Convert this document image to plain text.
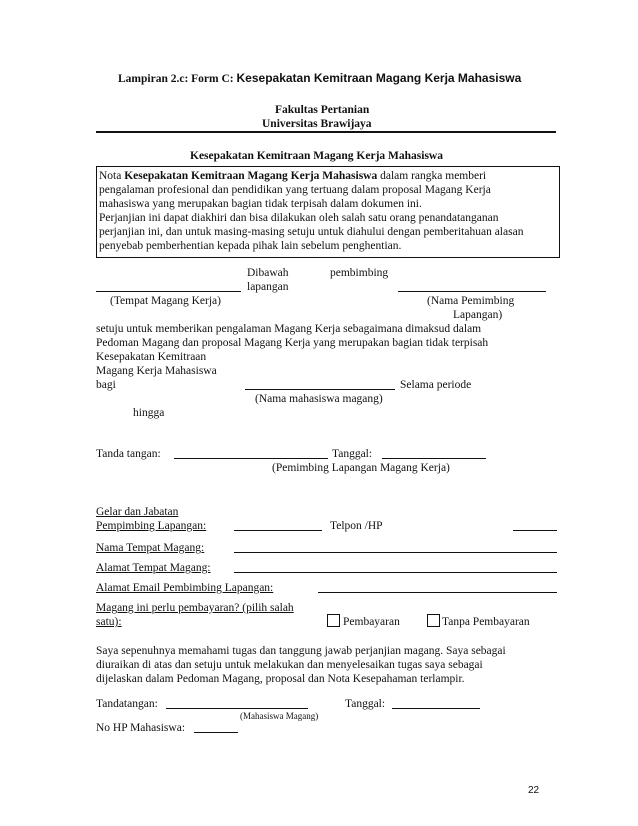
Lampiran 2.c: Form C: Kesepakatan Kemitraan Magang Kerja Mahasiswa
Fakultas Pertanian
Universitas Brawijaya
Kesepakatan Kemitraan Magang Kerja Mahasiswa
Nota Kesepakatan Kemitraan Magang Kerja Mahasiswa dalam rangka memberi
pengalaman profesional dan pendidikan yang tertuang dalam proposal Magang Kerja
mahasiswa yang merupakan bagian tidak terpisah dalam dokumen ini.
Perjanjian ini dapat diakhiri dan bisa dilakukan oleh salah satu orang penandatanganan
perjanjian ini, dan untuk masing-masing setuju untuk diahului dengan pemberitahuan alasan
penyebab pemberhentian kepada pihak lain sebelum penghentian.
Dibawah	pembimbing
lapangan
(Tempat Magang Kerja)	(Nama Pemimbing
Lapangan)
setuju untuk memberikan pengalaman Magang Kerja sebagaimana dimaksud dalam
Pedoman Magang dan proposal Magang Kerja yang merupakan bagian tidak terpisah
Kesepakatan Kemitraan
Magang Kerja Mahasiswa
bagi	Selama periode
(Nama mahasiswa magang)
hingga
Tanda tangan:	Tanggal:
(Pemimbing Lapangan Magang Kerja)
Gelar dan Jabatan
Pempimbing Lapangan:	Telpon /HP
Nama Tempat Magang:
Alamat Tempat Magang:
Alamat Email Pembimbing Lapangan:
Magang ini perlu pembayaran? (pilih salah
satu):	Pembayaran	Tanpa Pembayaran
Saya sepenuhnya memahami tugas dan tanggung jawab perjanjian magang. Saya sebagai
diuraikan di atas dan setuju untuk melakukan dan menyelesaikan tugas saya sebagai
dijelaskan dalam Pedoman Magang, proposal dan Nota Kesepahaman terlampir.
Tandatangan:	Tanggal:
(Mahasiswa Magang)
No HP Mahasiswa:
22
